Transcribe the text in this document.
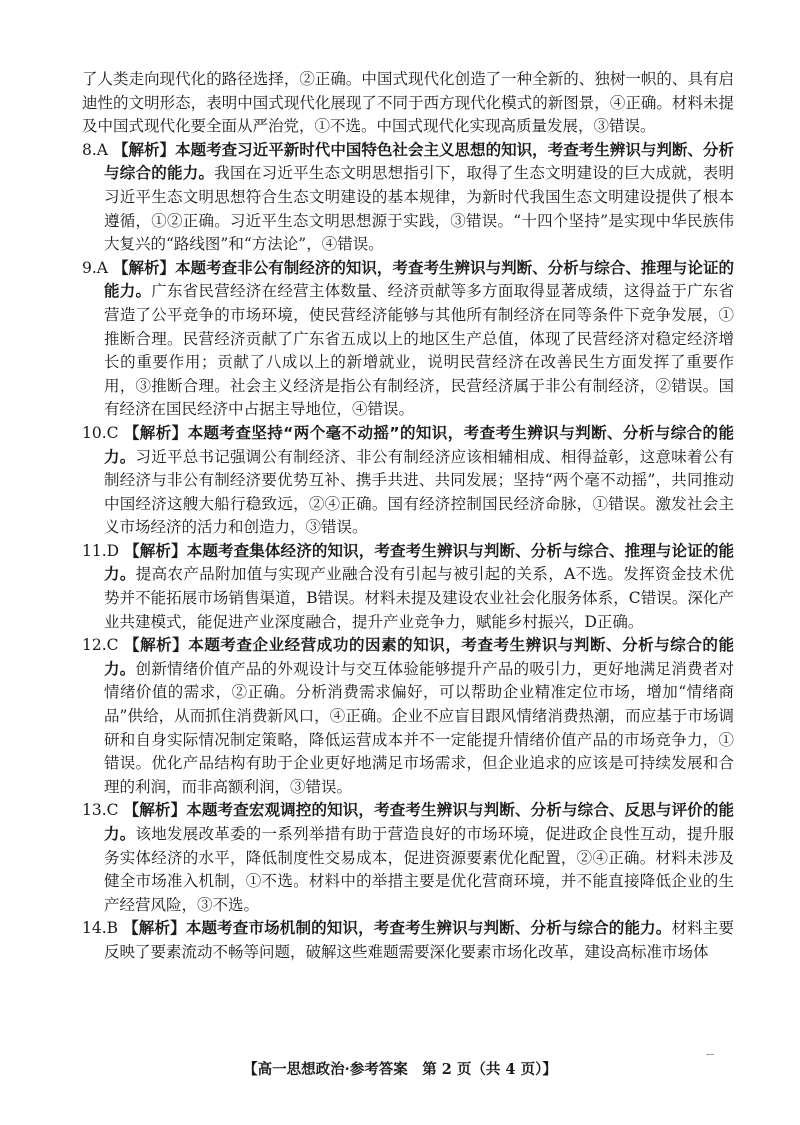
了人类走向现代化的路径选择，②正确。中国式现代化创造了一种全新的、独树一帜的、具有启迪性的文明形态，表明中国式现代化展现了不同于西方现代化模式的新图景，④正确。材料未提及中国式现代化要全面从严治党，①不选。中国式现代化实现高质量发展，③错误。

8.A 【解析】本题考查习近平新时代中国特色社会主义思想的知识，考查考生辨识与判断、分析与综合的能力。我国在习近平生态文明思想指引下，取得了生态文明建设的巨大成就，表明习近平生态文明思想符合生态文明建设的基本规律，为新时代我国生态文明建设提供了根本遵循，①②正确。习近平生态文明思想源于实践，③错误。“十四个坚持”是实现中华民族伟大复兴的“路线图”和“方法论”，④错误。

9.A 【解析】本题考查非公有制经济的知识，考查考生辨识与判断、分析与综合、推理与论证的能力。广东省民营经济在经营主体数量、经济贡献等多方面取得显著成绩，这得益于广东省营造了公平竞争的市场环境，使民营经济能够与其他所有制经济在同等条件下竞争发展，①推断合理。民营经济贡献了广东省五成以上的地区生产总值，体现了民营经济对稳定经济增长的重要作用；贡献了八成以上的新增就业，说明民营经济在改善民生方面发挥了重要作用，③推断合理。社会主义经济是指公有制经济，民营经济属于非公有制经济，②错误。国有经济在国民经济中占据主导地位，④错误。

10.C 【解析】本题考查坚持“两个毫不动摇”的知识，考查考生辨识与判断、分析与综合的能力。习近平总书记强调公有制经济、非公有制经济应该相辅相成、相得益彰，这意味着公有制经济与非公有制经济要优势互补、携手共进、共同发展；坚持“两个毫不动摇”，共同推动中国经济这艘大船行稳致远，②④正确。国有经济控制国民经济命脉，①错误。激发社会主义市场经济的活力和创造力，③错误。

11.D 【解析】本题考查集体经济的知识，考查考生辨识与判断、分析与综合、推理与论证的能力。提高农产品附加值与实现产业融合没有引起与被引起的关系，A不选。发挥资金技术优势并不能拓展市场销售渠道，B错误。材料未提及建设农业社会化服务体系，C错误。深化产业共建模式，能促进产业深度融合，提升产业竞争力，赋能乡村振兴，D正确。

12.C 【解析】本题考查企业经营成功的因素的知识，考查考生辨识与判断、分析与综合的能力。创新情绪价值产品的外观设计与交互体验能够提升产品的吸引力，更好地满足消费者对情绪价值的需求，②正确。分析消费需求偏好，可以帮助企业精准定位市场，增加“情绪商品”供给，从而抓住消费新风口，④正确。企业不应盲目跟风情绪消费热潮，而应基于市场调研和自身实际情况制定策略，降低运营成本并不一定能提升情绪价值产品的市场竞争力，①错误。优化产品结构有助于企业更好地满足市场需求，但企业追求的应该是可持续发展和合理的利润，而非高额利润，③错误。

13.C 【解析】本题考查宏观调控的知识，考查考生辨识与判断、分析与综合、反思与评价的能力。该地发展改革委的一系列举措有助于营造良好的市场环境，促进政企良性互动，提升服务实体经济的水平，降低制度性交易成本，促进资源要素优化配置，②④正确。材料未涉及健全市场准入机制，①不选。材料中的举措主要是优化营商环境，并不能直接降低企业的生产经营风险，③不选。

14.B 【解析】本题考查市场机制的知识，考查考生辨识与判断、分析与综合的能力。材料主要反映了要素流动不畅等问题，破解这些难题需要深化要素市场化改革，建设高标准市场体

【高一思想政治·参考答案　第 2 页（共 4 页）】
--
